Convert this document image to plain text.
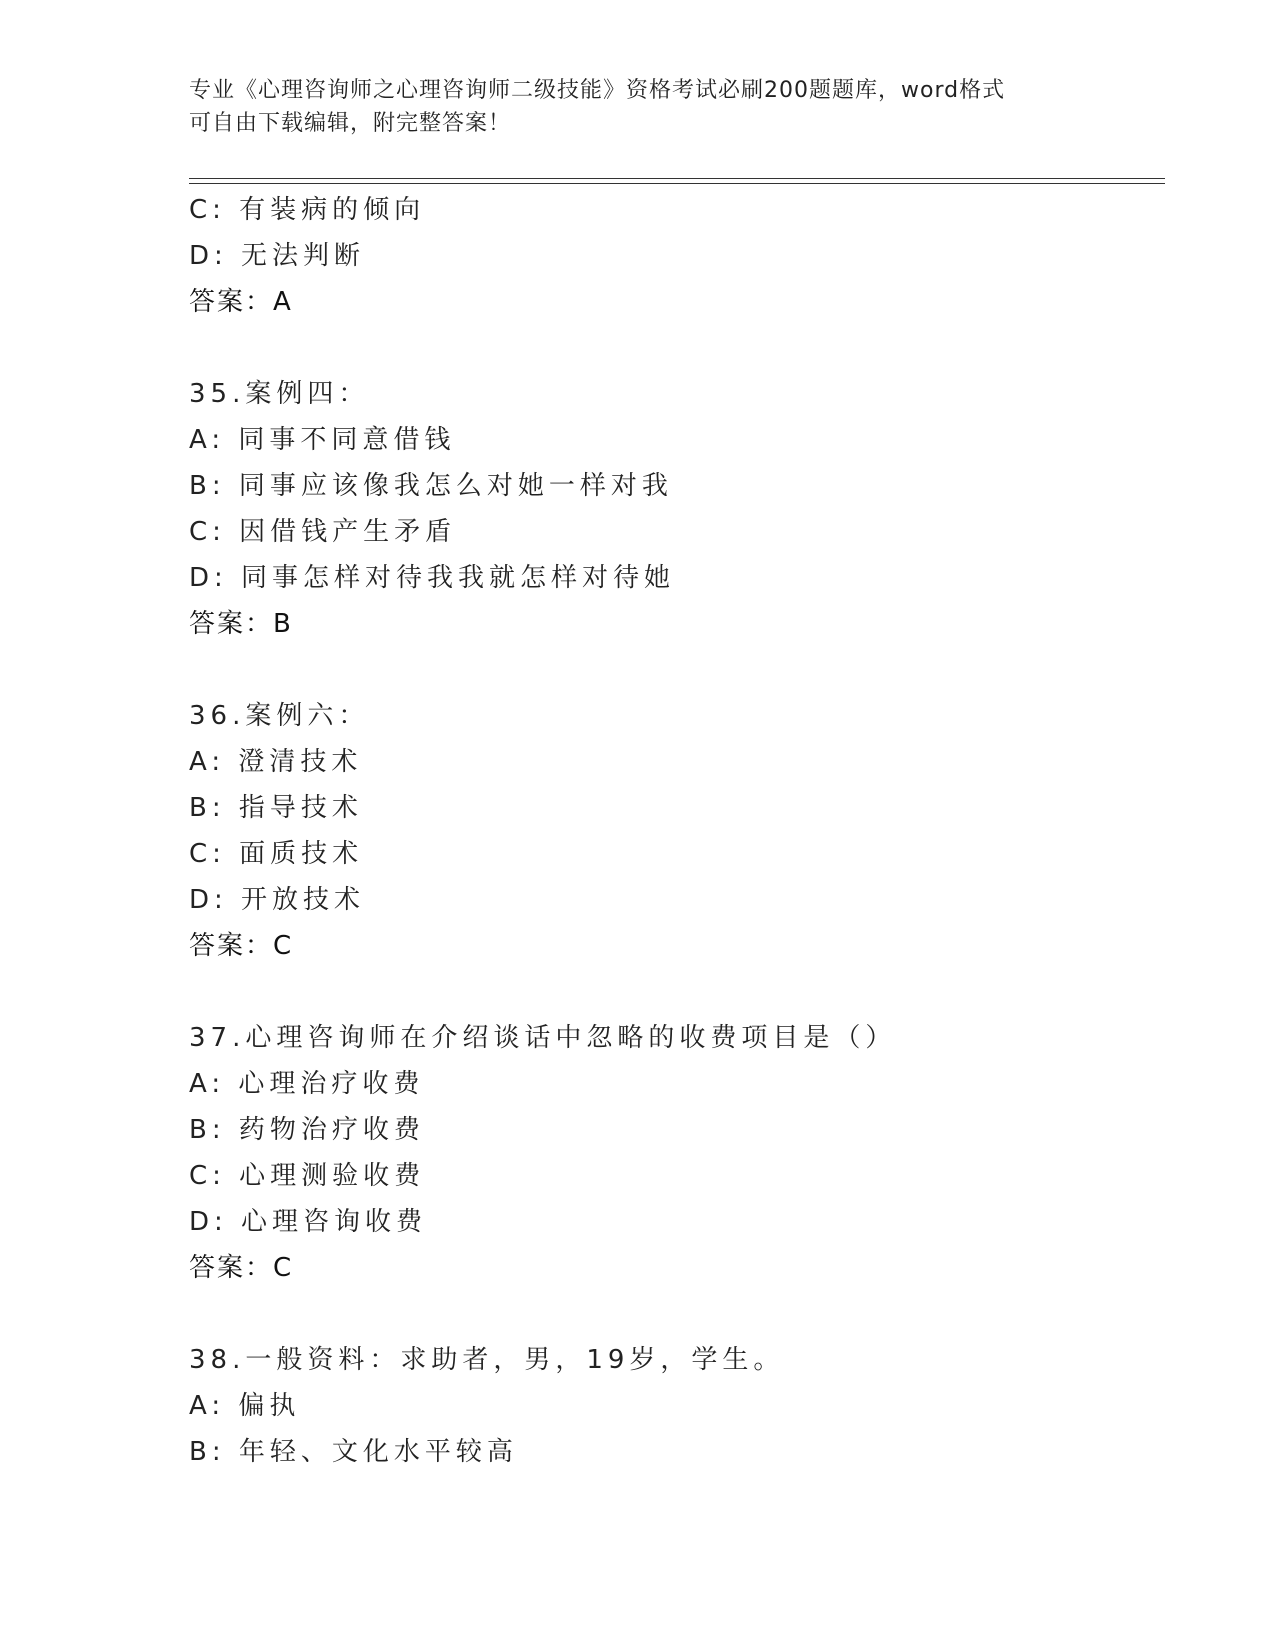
专业《心理咨询师之心理咨询师二级技能》资格考试必刷200题题库，word格式
可自由下载编辑，附完整答案！
C: 有装病的倾向
D: 无法判断
答案：A
35.案例四：
A: 同事不同意借钱
B: 同事应该像我怎么对她一样对我
C: 因借钱产生矛盾
D: 同事怎样对待我我就怎样对待她
答案：B
36.案例六：
A: 澄清技术
B: 指导技术
C: 面质技术
D: 开放技术
答案：C
37.心理咨询师在介绍谈话中忽略的收费项目是（）
A: 心理治疗收费
B: 药物治疗收费
C: 心理测验收费
D: 心理咨询收费
答案：C
38.一般资料：求助者，男，19岁，学生。
A: 偏执
B: 年轻、文化水平较高
